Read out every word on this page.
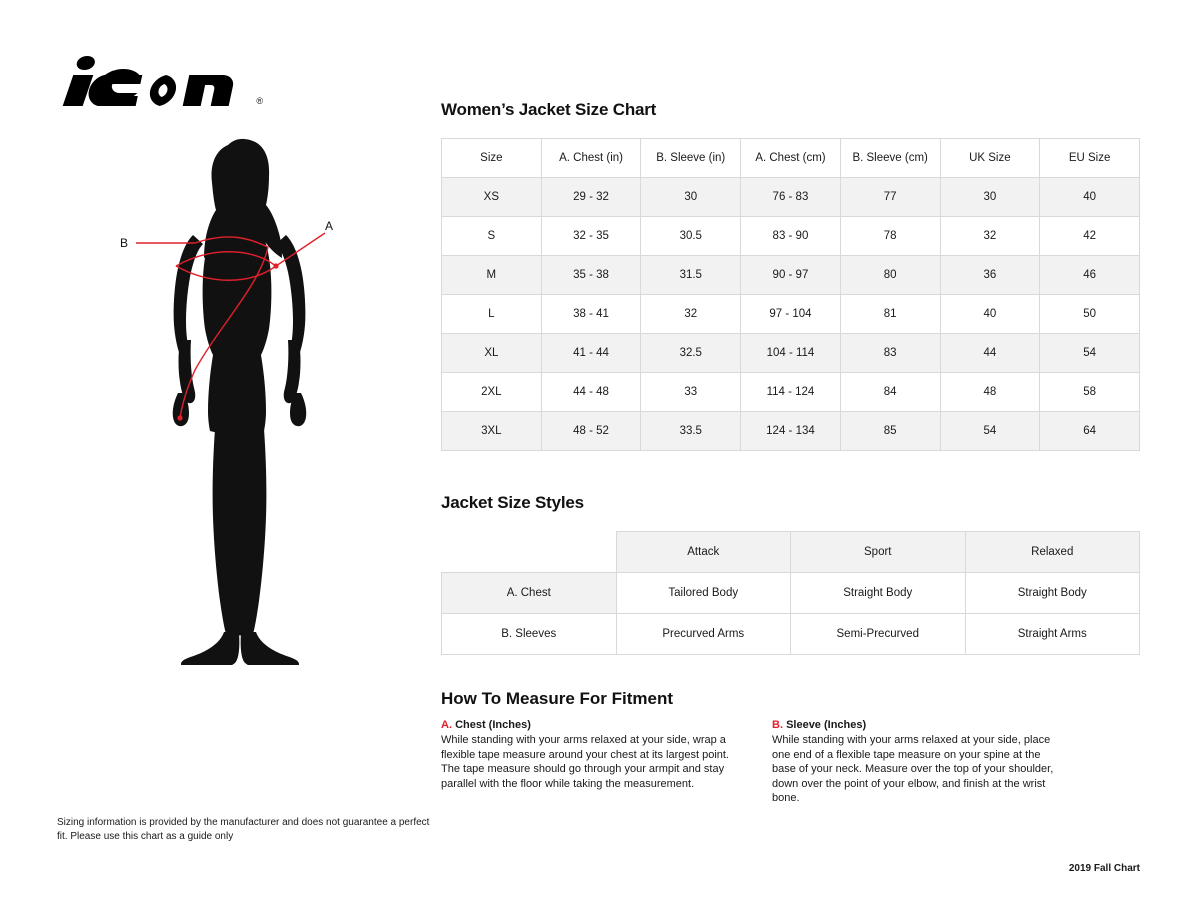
®
A
B
Women’s Jacket Size Chart
Size	A. Chest (in)	B. Sleeve (in)	A. Chest (cm)	B. Sleeve (cm)	UK Size	EU Size
XS	29 - 32	30	76 - 83	77	30	40
S	32 - 35	30.5	83 - 90	78	32	42
M	35 - 38	31.5	90 - 97	80	36	46
L	38 - 41	32	97 - 104	81	40	50
XL	41 - 44	32.5	104 - 114	83	44	54
2XL	44 - 48	33	114 - 124	84	48	58
3XL	48 - 52	33.5	124 - 134	85	54	64
Jacket Size Styles
	Attack	Sport	Relaxed
A. Chest	Tailored Body	Straight Body	Straight Body
B. Sleeves	Precurved Arms	Semi-Precurved	Straight Arms
How To Measure For Fitment
A. Chest (Inches)

While standing with your arms relaxed at your side, wrap a flexible tape measure around your chest at its largest point. The tape measure should go through your armpit and stay parallel with the floor while taking the measurement.

B. Sleeve (Inches)

While standing with your arms relaxed at your side, place one end of a flexible tape measure on your spine at the base of your neck. Measure over the top of your shoulder, down over the point of your elbow, and finish at the wrist bone.

Sizing information is provided by the manufacturer and does not guarantee a perfect fit. Please use this chart as a guide only
2019 Fall Chart
